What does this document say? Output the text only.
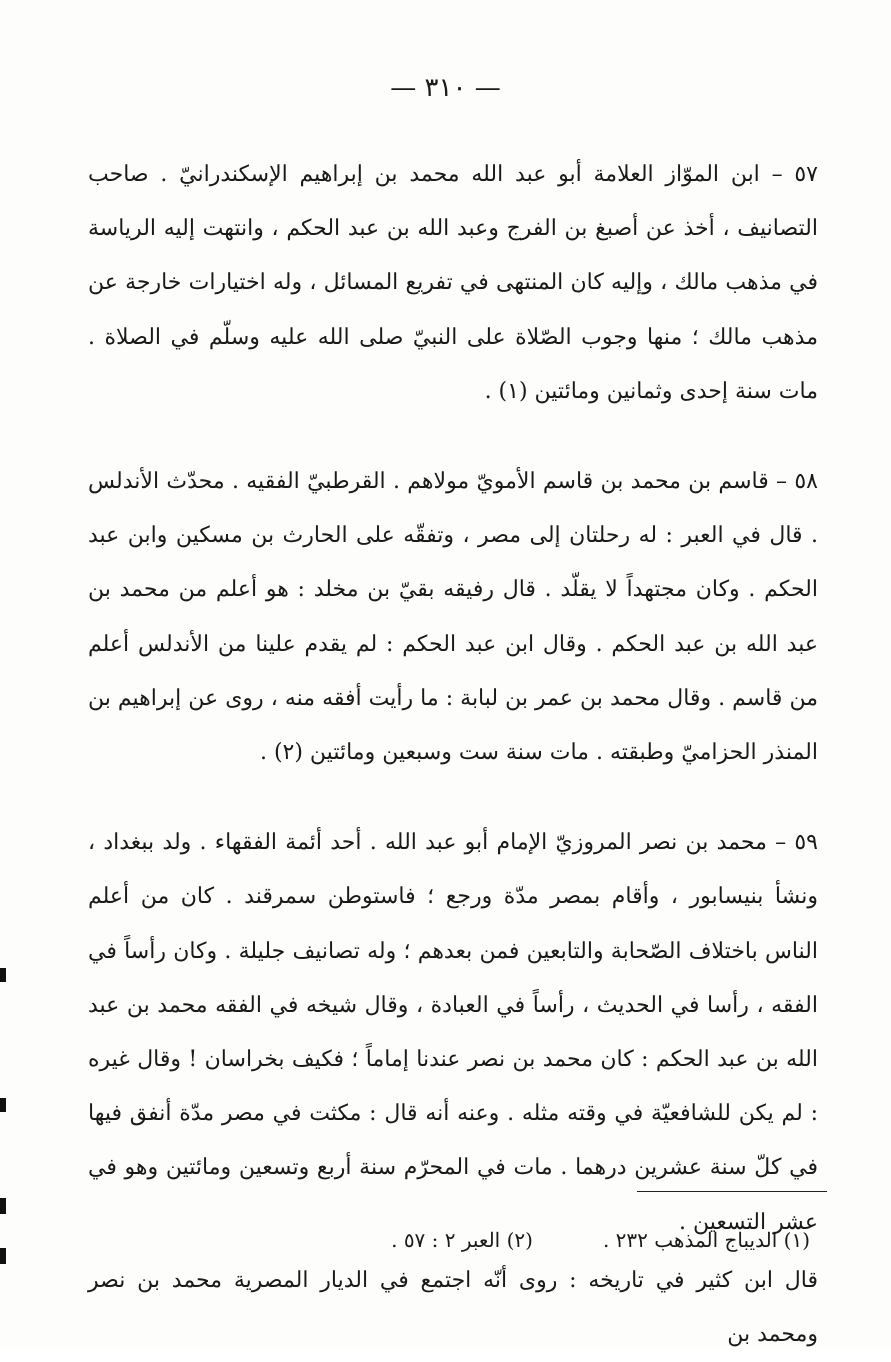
— ٣١٠ —

٥٧ – ابن الموّاز العلامة أبو عبد الله محمد بن إبراهيم الإسكندرانيّ . صاحب التصانيف ، أخذ عن أصبغ بن الفرج وعبد الله بن عبد الحكم ، وانتهت إليه الرياسة في مذهب مالك ، وإليه كان المنتهى في تفريع المسائل ، وله اختيارات خارجة عن مذهب مالك ؛ منها وجوب الصّلاة على النبيّ صلى الله عليه وسلّم في الصلاة . مات سنة إحدى وثمانين ومائتين (١) .

٥٨ – قاسم بن محمد بن قاسم الأمويّ مولاهم . القرطبيّ الفقيه . محدّث الأندلس . قال في العبر : له رحلتان إلى مصر ، وتفقّه على الحارث بن مسكين وابن عبد الحكم . وكان مجتهداً لا يقلّد . قال رفيقه بقيّ بن مخلد : هو أعلم من محمد بن عبد الله بن عبد الحكم . وقال ابن عبد الحكم : لم يقدم علينا من الأندلس أعلم من قاسم . وقال محمد بن عمر بن لبابة : ما رأيت أفقه منه ، روى عن إبراهيم بن المنذر الحزاميّ وطبقته . مات سنة ست وسبعين ومائتين (٢) .

٥٩ – محمد بن نصر المروزيّ الإمام أبو عبد الله . أحد أئمة الفقهاء . ولد ببغداد ، ونشأ بنيسابور ، وأقام بمصر مدّة ورجع ؛ فاستوطن سمرقند . كان من أعلم الناس باختلاف الصّحابة والتابعين فمن بعدهم ؛ وله تصانيف جليلة . وكان رأساً في الفقه ، رأسا في الحديث ، رأساً في العبادة ، وقال شيخه في الفقه محمد بن عبد الله بن عبد الحكم : كان محمد بن نصر عندنا إماماً ؛ فكيف بخراسان ! وقال غيره : لم يكن للشافعيّة في وقته مثله . وعنه أنه قال : مكثت في مصر مدّة أنفق فيها في كلّ سنة عشرين درهما . مات في المحرّم سنة أربع وتسعين ومائتين وهو في عشر التسعين .

قال ابن كثير في تاريخه : روى أنّه اجتمع في الديار المصرية محمد بن نصر ومحمد بن

(١) الديباج المذهب ٢٣٢ .
(٢) العبر ٢ : ٥٧ .
